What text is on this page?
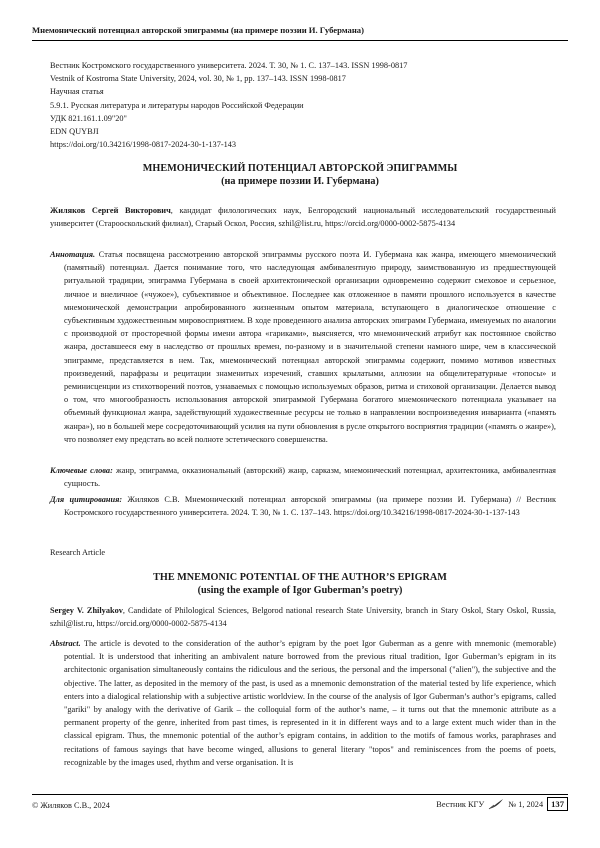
Мнемонический потенциал авторской эпиграммы (на примере поэзии И. Губермана)
Вестник Костромского государственного университета. 2024. Т. 30, № 1. С. 137–143. ISSN 1998-0817
Vestnik of Kostroma State University, 2024, vol. 30, № 1, pp. 137–143. ISSN 1998-0817
Научная статья
5.9.1. Русская литература и литературы народов Российской Федерации
УДК 821.161.1.09"20"
EDN QUYBJI
https://doi.org/10.34216/1998-0817-2024-30-1-137-143
МНЕМОНИЧЕСКИЙ ПОТЕНЦИАЛ АВТОРСКОЙ ЭПИГРАММЫ
(на примере поэзии И. Губермана)
Жиляков Сергей Викторович, кандидат филологических наук, Белгородский национальный исследовательский государственный университет (Старооскольский филиал), Старый Оскол, Россия, szhil@list.ru, https://orcid.org/0000-0002-5875-4134
Аннотация. Статья посвящена рассмотрению авторской эпиграммы русского поэта И. Губермана как жанра, имеющего мнемонический (памятный) потенциал. Дается понимание того, что наследующая амбивалентную природу, заимствованную из предшествующей ритуальной традиции, эпиграмма Губермана в своей архитектонической организации одновременно содержит смеховое и серьезное, личное и внеличное («чужое»), субъективное и объективное. Последнее как отложенное в памяти прошлого используется в качестве мнемонической демонстрации апробированного жизненным опытом материала, вступающего в диалогическое отношение с субъективным художественным мировосприятием. В ходе проведенного анализа авторских эпиграмм Губермана, именуемых по аналогии с производной от просторечной формы имени автора «гариками», выясняется, что мнемонический атрибут как постоянное свойство жанра, доставшееся ему в наследство от прошлых времен, по-разному и в значительной степени намного шире, чем в классической эпиграмме, представляется в нем. Так, мнемонический потенциал авторской эпиграммы содержит, помимо мотивов известных произведений, парафразы и рецитации знаменитых изречений, ставших крылатыми, аллюзии на общелитературные «топосы» и реминисценции из стихотворений поэтов, узнаваемых с помощью используемых образов, ритма и стиховой организации. Делается вывод о том, что многообразность использования авторской эпиграммой Губермана богатого мнемонического потенциала указывает на объемный функционал жанра, задействующий художественные ресурсы не только в направлении воспроизведения инварианта («память жанра»), но в большей мере сосредоточивающий усилия на пути обновления в русле открытого восприятия традиции («память о жанре»), что позволяет ему предстать во всей полноте эстетического совершенства.
Ключевые слова: жанр, эпиграмма, окказиональный (авторский) жанр, сарказм, мнемонический потенциал, архитектоника, амбивалентная сущность.
Для цитирования: Жиляков С.В. Мнемонический потенциал авторской эпиграммы (на примере поэзии И. Губермана) // Вестник Костромского государственного университета. 2024. Т. 30, № 1. С. 137–143. https://doi.org/10.34216/1998-0817-2024-30-1-137-143
Research Article
THE MNEMONIC POTENTIAL OF THE AUTHOR’S EPIGRAM
(using the example of Igor Guberman’s poetry)
Sergey V. Zhilyakov, Candidate of Philological Sciences, Belgorod national research State University, branch in Stary Oskol, Stary Oskol, Russia, szhil@list.ru, https://orcid.org/0000-0002-5875-4134
Abstract. The article is devoted to the consideration of the author’s epigram by the poet Igor Guberman as a genre with mnemonic (memorable) potential. It is understood that inheriting an ambivalent nature borrowed from the previous ritual tradition, Igor Guberman’s epigram in its architectonic organisation simultaneously contains the ridiculous and the serious, the personal and the impersonal ("alien"), the subjective and the objective. The latter, as deposited in the memory of the past, is used as a mnemonic demonstration of the material tested by life experience, which enters into a dialogical relationship with a subjective artistic worldview. In the course of the analysis of Igor Guberman’s author’s epigrams, called "gariki" by analogy with the derivative of Garik – the colloquial form of the author’s name, – it turns out that the mnemonic attribute as a permanent property of the genre, inherited from past times, is represented in it in different ways and to a large extent much wider than in the classical epigram. Thus, the mnemonic potential of the author’s epigram contains, in addition to the motifs of famous works, paraphrases and recitations of famous sayings that have become winged, allusions to general literary "topos" and reminiscences from the poems of poets, recognizable by the images used, rhythm and verse organisation. It is
© Жиляков С.В., 2024	Вестник КГУ	№ 1, 2024 137
